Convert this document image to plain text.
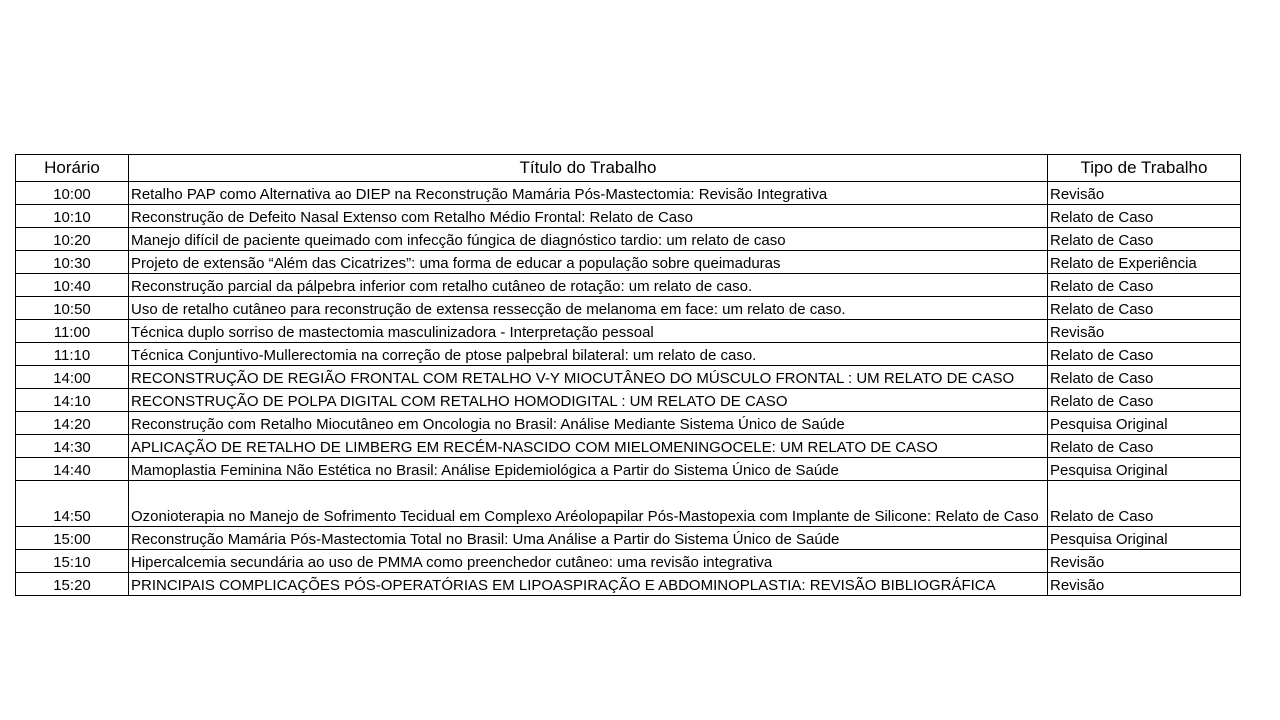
Horário	Título do Trabalho	Tipo de Trabalho
10:00	Retalho PAP como Alternativa ao DIEP na Reconstrução Mamária Pós-Mastectomia: Revisão Integrativa	Revisão
10:10	Reconstrução de Defeito Nasal Extenso com Retalho Médio Frontal: Relato de Caso	Relato de Caso
10:20	Manejo difícil de paciente queimado com infecção fúngica de diagnóstico tardio: um relato de caso	Relato de Caso
10:30	Projeto de extensão “Além das Cicatrizes”: uma forma de educar a população sobre queimaduras	Relato de Experiência
10:40	Reconstrução parcial da pálpebra inferior com retalho cutâneo de rotação: um relato de caso.	Relato de Caso
10:50	Uso de retalho cutâneo para reconstrução de extensa ressecção de melanoma em face: um relato de caso.	Relato de Caso
11:00	Técnica duplo sorriso de mastectomia masculinizadora - Interpretação pessoal	Revisão
11:10	Técnica Conjuntivo-Mullerectomia na correção de ptose palpebral bilateral: um relato de caso.	Relato de Caso
14:00	RECONSTRUÇÃO DE REGIÃO FRONTAL COM RETALHO V-Y MIOCUTÂNEO DO MÚSCULO FRONTAL : UM RELATO DE CASO	Relato de Caso
14:10	RECONSTRUÇÃO DE POLPA DIGITAL COM RETALHO HOMODIGITAL : UM RELATO DE CASO	Relato de Caso
14:20	Reconstrução com Retalho Miocutâneo em Oncologia no Brasil: Análise Mediante Sistema Único de Saúde	Pesquisa Original
14:30	APLICAÇÃO DE RETALHO DE LIMBERG EM RECÉM-NASCIDO COM MIELOMENINGOCELE: UM RELATO DE CASO	Relato de Caso
14:40	Mamoplastia Feminina Não Estética no Brasil: Análise Epidemiológica a Partir do Sistema Único de Saúde	Pesquisa Original
14:50	Ozonioterapia no Manejo de Sofrimento Tecidual em Complexo Aréolopapilar Pós-Mastopexia com Implante de Silicone: Relato de Caso	Relato de Caso
15:00	Reconstrução Mamária Pós-Mastectomia Total no Brasil: Uma Análise a Partir do Sistema Único de Saúde	Pesquisa Original
15:10	Hipercalcemia secundária ao uso de PMMA como preenchedor cutâneo: uma revisão integrativa	Revisão
15:20	PRINCIPAIS COMPLICAÇÕES PÓS-OPERATÓRIAS EM LIPOASPIRAÇÃO E ABDOMINOPLASTIA: REVISÃO BIBLIOGRÁFICA	Revisão
